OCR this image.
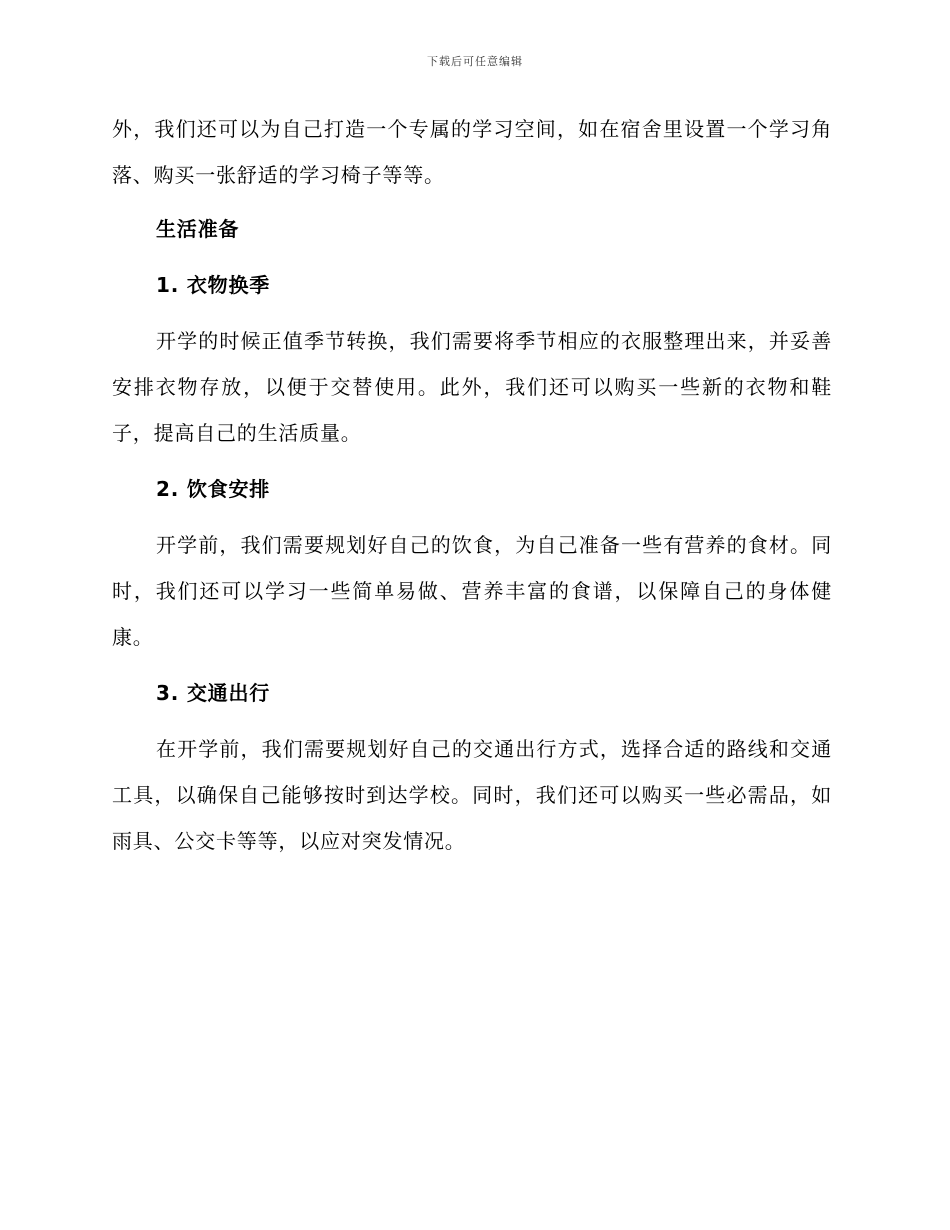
下载后可任意编辑

外，我们还可以为自己打造一个专属的学习空间，如在宿舍里设置一个学习角落、购买一张舒适的学习椅子等等。

生活准备

1. 衣物换季

开学的时候正值季节转换，我们需要将季节相应的衣服整理出来，并妥善安排衣物存放，以便于交替使用。此外，我们还可以购买一些新的衣物和鞋子，提高自己的生活质量。

2. 饮食安排

开学前，我们需要规划好自己的饮食，为自己准备一些有营养的食材。同时，我们还可以学习一些简单易做、营养丰富的食谱，以保障自己的身体健康。

3. 交通出行

在开学前，我们需要规划好自己的交通出行方式，选择合适的路线和交通工具，以确保自己能够按时到达学校。同时，我们还可以购买一些必需品，如雨具、公交卡等等，以应对突发情况。
